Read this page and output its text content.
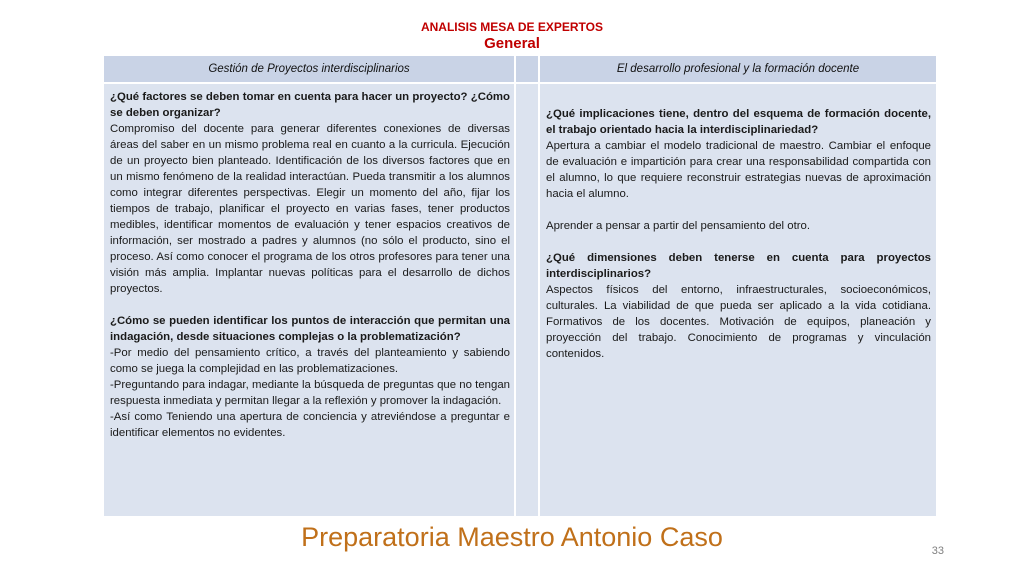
ANALISIS MESA DE EXPERTOS
General
Gestión de Proyectos interdisciplinarios	El desarrollo profesional y la formación docente
¿Qué factores se deben tomar en cuenta para hacer un proyecto? ¿Cómo se deben organizar?
Compromiso del docente para generar diferentes conexiones de diversas áreas del saber en un mismo problema real en cuanto a la curricula. Ejecución de un proyecto bien planteado. Identificación de los diversos factores que en un mismo fenómeno de la realidad interactúan. Pueda transmitir a los alumnos como integrar diferentes perspectivas. Elegir un momento del año, fijar los tiempos de trabajo, planificar el proyecto en varias fases, tener productos medibles, identificar momentos de evaluación y tener espacios creativos de información, ser mostrado a padres y alumnos (no sólo el producto, sino el proceso. Así como conocer el programa de los otros profesores para tener una visión más amplia. Implantar nuevas políticas para el desarrollo de dichos proyectos.
¿Cómo se pueden identificar los puntos de interacción que permitan una indagación, desde situaciones complejas o la problematización?
-Por medio del pensamiento crítico, a través del planteamiento y sabiendo como se juega la complejidad en las problematizaciones.
-Preguntando para indagar, mediante la búsqueda de preguntas que no tengan respuesta inmediata y permitan llegar a la reflexión y promover la indagación.
-Así como Teniendo una apertura de conciencia y atreviéndose a preguntar e identificar elementos no evidentes.
¿Qué implicaciones tiene, dentro del esquema de formación docente, el trabajo orientado hacia la interdisciplinariedad?
Apertura a cambiar el modelo tradicional de maestro. Cambiar el enfoque de evaluación e impartición para crear una responsabilidad compartida con el alumno, lo que requiere reconstruir estrategias nuevas de aproximación hacia el alumno.
Aprender a pensar a partir del pensamiento del otro.
¿Qué dimensiones deben tenerse en cuenta para proyectos interdisciplinarios?
Aspectos físicos del entorno, infraestructurales, socioeconómicos, culturales. La viabilidad de que pueda ser aplicado a la vida cotidiana. Formativos de los docentes. Motivación de equipos, planeación y proyección del trabajo. Conocimiento de programas y vinculación contenidos.
Preparatoria Maestro Antonio Caso	33
